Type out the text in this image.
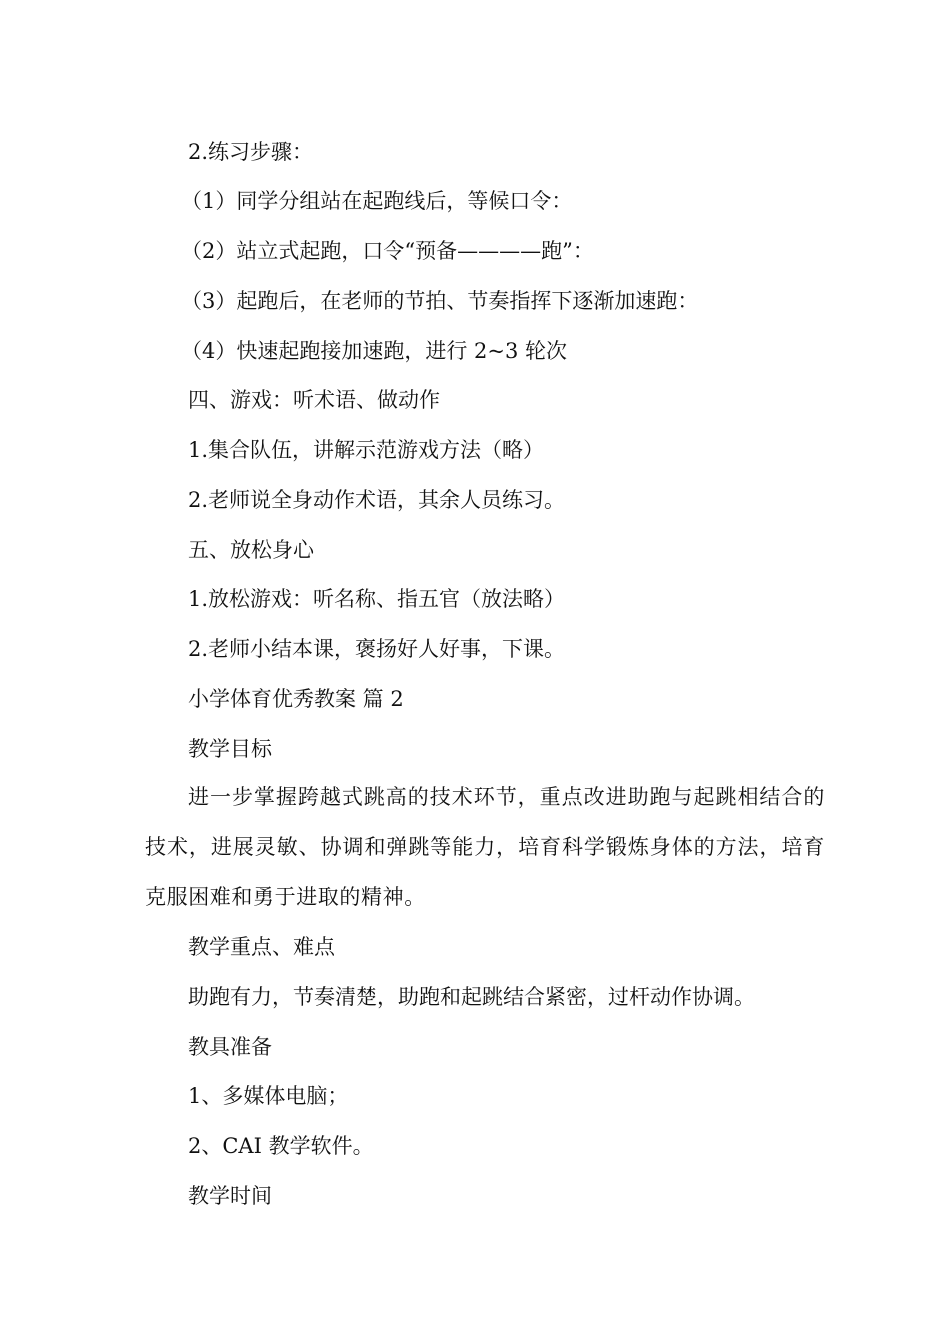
2.练习步骤：
（1）同学分组站在起跑线后，等候口令：
（2）站立式起跑，口令“预备————跑”：
（3）起跑后，在老师的节拍、节奏指挥下逐渐加速跑：
（4）快速起跑接加速跑，进行 2~3 轮次
四、游戏：听术语、做动作
1.集合队伍，讲解示范游戏方法（略）
2.老师说全身动作术语，其余人员练习。
五、放松身心
1.放松游戏：听名称、指五官（放法略）
2.老师小结本课，褒扬好人好事，下课。
小学体育优秀教案 篇 2
教学目标
进一步掌握跨越式跳高的技术环节，重点改进助跑与起跳相结合的技术，进展灵敏、协调和弹跳等能力，培育科学锻炼身体的方法，培育克服困难和勇于进取的精神。
教学重点、难点
助跑有力，节奏清楚，助跑和起跳结合紧密，过杆动作协调。
教具准备
1、多媒体电脑；
2、CAI 教学软件。
教学时间
